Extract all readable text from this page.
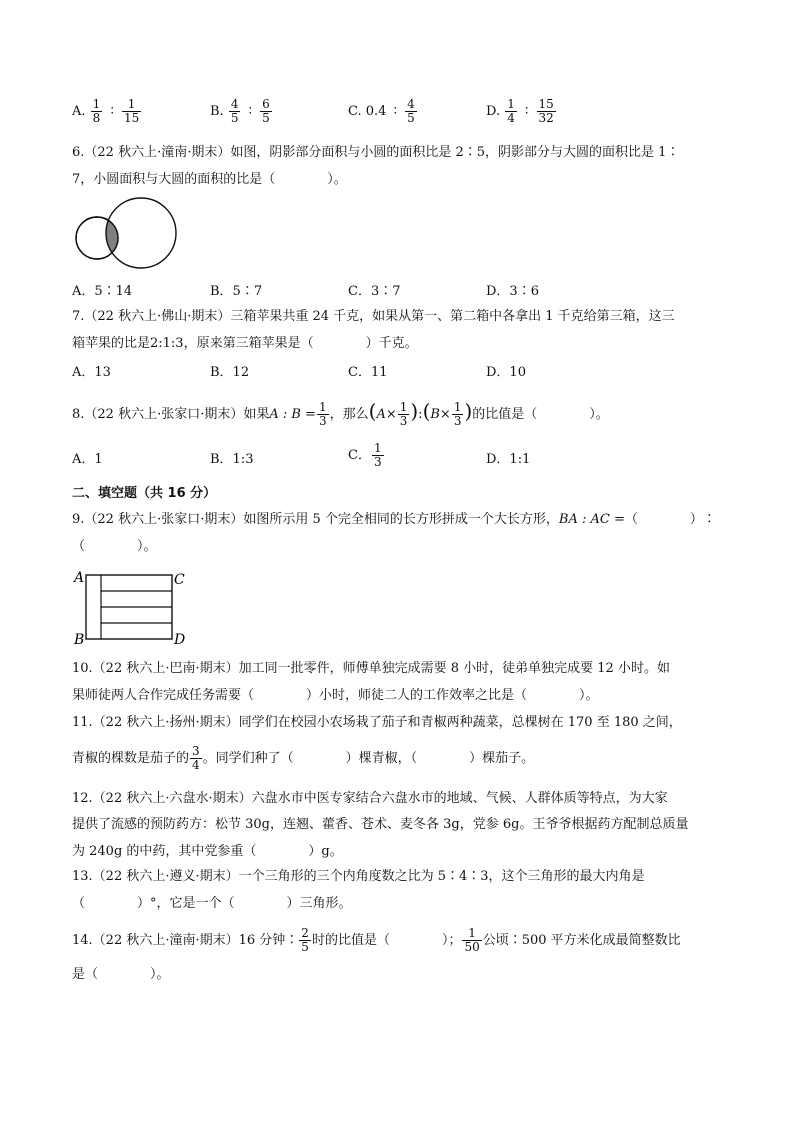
A. $\frac{1}{8}$ ∶ $\frac{1}{15}$	B. $\frac{4}{5}$ ∶ $\frac{6}{5}$	C. 0.4 ∶ $\frac{4}{5}$	D. $\frac{1}{4}$ ∶ $\frac{15}{32}$
6.（22 秋六上·潼南·期末）如图，阴影部分面积与小圆的面积比是 2∶5，阴影部分与大圆的面积比是 1∶
7，小圆面积与大圆的面积的比是（　　　　）。
A．5∶14	B．5∶7	C．3∶7	D．3∶6
7.（22 秋六上·佛山·期末）三箱苹果共重 24 千克，如果从第一、第二箱中各拿出 1 千克给第三箱，这三
箱苹果的比是2:1:3，原来第三箱苹果是（　　　　）千克。
A．13	B．12	C．11	D．10
8.（22 秋六上·张家口·期末）如果A : $B = \frac{1}{3}$ ，那么($A\times \frac{1}{3}$ ):(B× $\frac{1}{3}$ )的比值是（　　　　）。
A．1	B．1:3	C． $\frac{1}{3}$	D．1:1
二、填空题（共 16 分）
9.（22 秋六上·张家口·期末）如图所示用 5 个完全相同的长方形拼成一个大长方形，BA : AC =（　　　　）∶
（　　　　）。
A	C
B	D
10.（22 秋六上·巴南·期末）加工同一批零件，师傅单独完成需要 8 小时，徒弟单独完成要 12 小时。如
果师徒两人合作完成任务需要（　　　　）小时，师徒二人的工作效率之比是（　　　　）。
11.（22 秋六上·扬州·期末）同学们在校园小农场栽了茄子和青椒两种蔬菜，总棵树在 170 至 180 之间，
青椒的棵数是茄子的 $\frac{3}{4}$ 。同学们种了（　　　　）棵青椒，（　　　　）棵茄子。
12.（22 秋六上·六盘水·期末）六盘水市中医专家结合六盘水市的地域、气候、人群体质等特点，为大家
提供了流感的预防药方：松节 30g，连翘、藿香、苍术、麦冬各 3g，党参 6g。王爷爷根据药方配制总质量
为 240g 的中药，其中党参重（　　　　）g。
13.（22 秋六上·遵义·期末）一个三角形的三个内角度数之比为 5∶4∶3，这个三角形的最大内角是
（　　　　）°，它是一个（　　　　）三角形。
14.（22 秋六上·潼南·期末）16 分钟∶ $\frac{2}{5}$ 时的比值是（　　　　）； $\frac{1}{50}$ 公顷∶500 平方米化成最简整数比
是（　　　　）。
